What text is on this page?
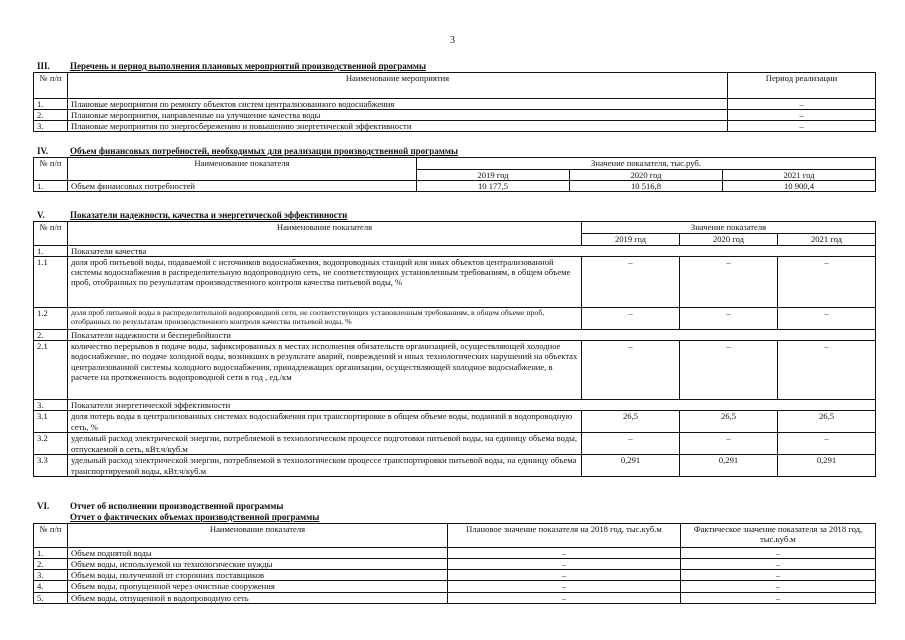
3
III. Перечень и период выполнения плановых мероприятий производственной программы
№ п/п	Наименование мероприятия	Период реализации
1.	Плановые мероприятия по ремонту объектов систем централизованного водоснабжения	–
2.	Плановые мероприятия, направленные на улучшение качества воды	–
3.	Плановые мероприятия по энергосбережению и повышению энергетической эффективности	–
IV. Объем финансовых потребностей, необходимых для реализации производственной программы
№ п/п	Наименование показателя	Значение показателя, тыс.руб.		
		2019 год	2020 год	2021 год
1.	Объем финансовых потребностей	10 177,5	10 516,8	10 900,4
V.	Показатели надежности, качества и энергетической эффективности
№ п/п	Наименование показателя	Значение показателя		
		2019 год	2020 год	2021 год
1.	Показатели качества			
1.1	доля проб питьевой воды, подаваемой с источников водоснабжения, водопроводных станций или иных объектов централизованной системы водоснабжения в распределительную водопроводную сеть, не соответствующих установленным требованиям, в общем объеме проб, отобранных по результатам производственного контроля качества питьевой воды, %	–	–	–
1.2	доля проб питьевой воды в распределительной водопроводной сети, не соответствующих установленным требованиям, в общем объеме проб, отобранных по результатам производственного контроля качества питьевой воды, %	–	–	–
2.	Показатели надежности и бесперебойности			
2.1	количество перерывов в подаче воды, зафиксированных в местах исполнения обязательств организацией, осуществляющей холодное водоснабжение, по подаче холодной воды, возникших в результате аварий, повреждений и иных технологических нарушений на объектах централизованной системы холодного водоснабжения, принадлежащих организации, осуществляющей холодное водоснабжение, в расчете на протяженность водопроводной сети в год , ед./км	–	–	–
3.	Показатели энергетической эффективности			
3.1	доля потерь воды в централизованных системах водоснабжения при транспортировке в общем объеме воды, поданной в водопроводную сеть, %	26,5	26,5	26,5
3.2	удельный расход электрической энергии, потребляемой в технологическом процессе подготовки питьевой воды, на единицу объема воды, отпускаемой в сеть, кВт.ч/куб.м	–	–	–
3.3	удельный расход электрической энергии, потребляемой в технологическом процессе транспортировки питьевой воды, на единицу объема транспортируемой воды, кВт.ч/куб.м	0,291	0,291	0,291
VI. Отчет об исполнении производственной программы
Отчет о фактических объемах производственной программы
№ п/п	Наименование показателя	Плановое значение показателя на 2018 год, тыс.куб.м	Фактическое значение показателя за 2018 год, тыс.куб.м
1.	Объем поднятой воды	–	–
2.	Объем воды, используемой на технологические нужды	–	–
3.	Объем воды, полученной от сторонних поставщиков	–	–
4.	Объем воды, пропущенной через очистные сооружения	–	–
5.	Объем воды, отпущенной в водопроводную сеть	–	–
